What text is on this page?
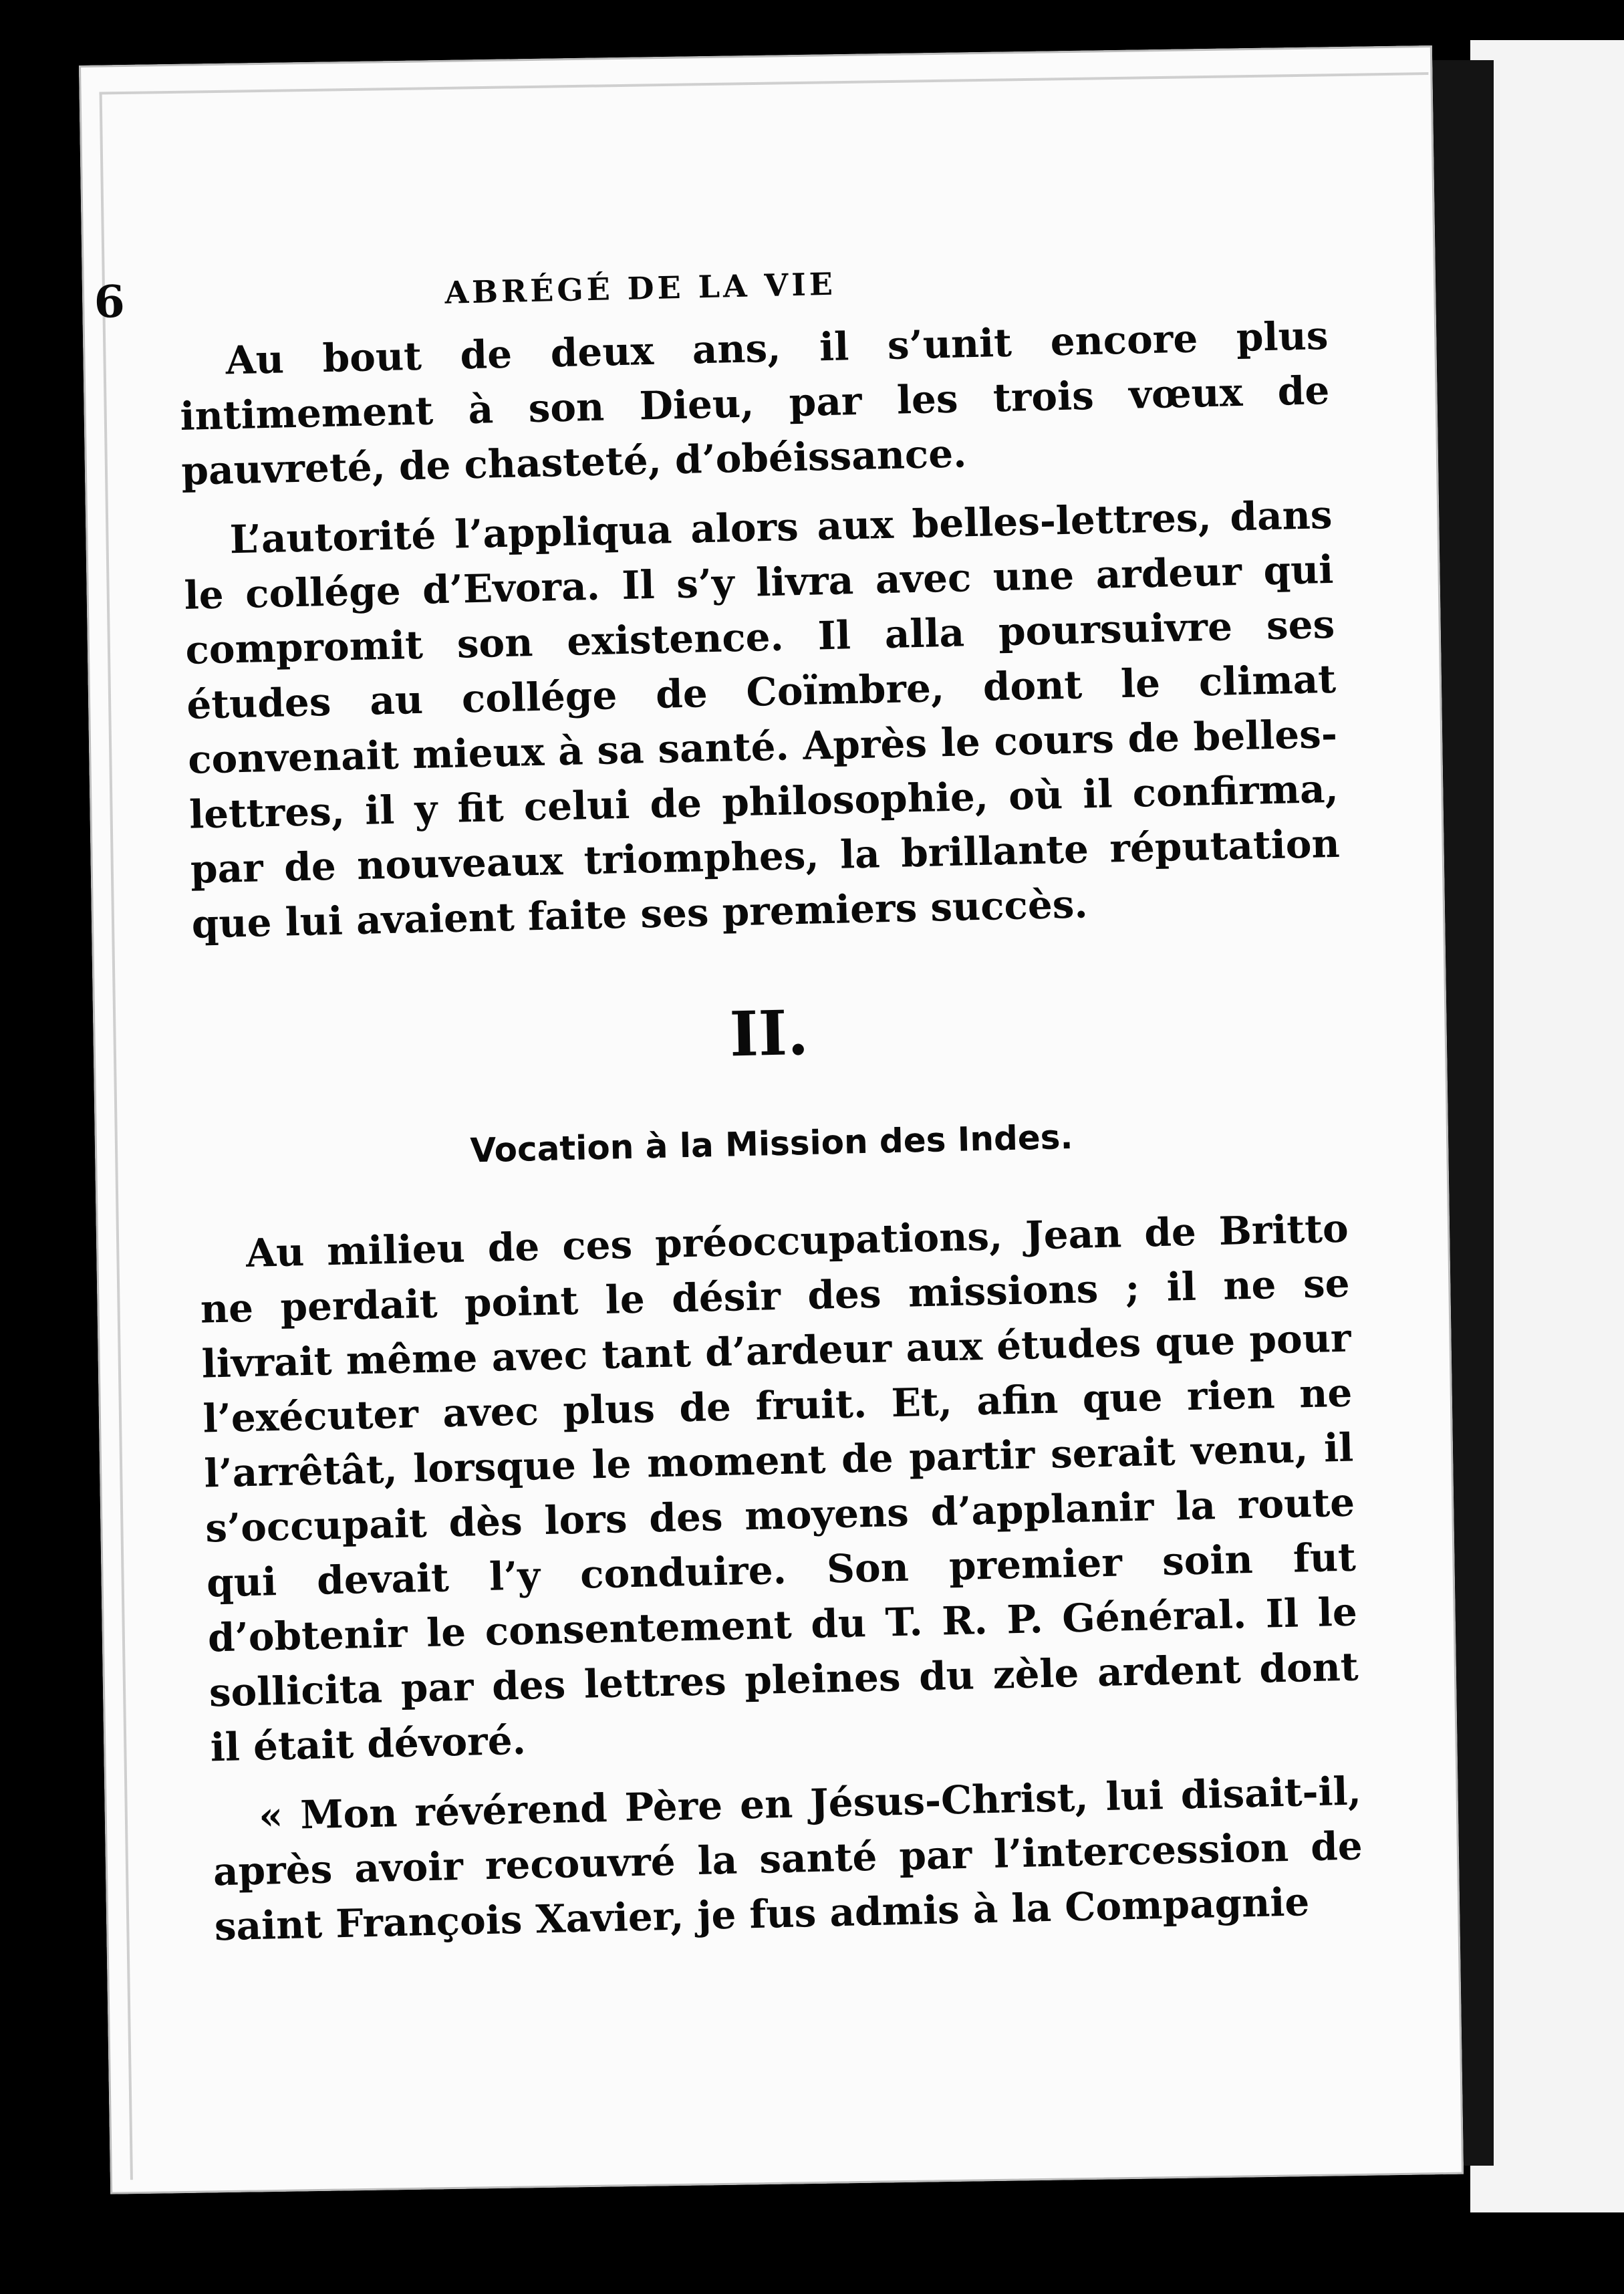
6	ABRÉGÉ DE LA VIE

Au bout de deux ans, il s’unit encore plus intimement à son Dieu, par les trois vœux de pauvreté, de chasteté, d’obéissance.

L’autorité l’appliqua alors aux belles-lettres, dans le collége d’Evora. Il s’y livra avec une ardeur qui compromit son existence. Il alla poursuivre ses études au collége de Coïmbre, dont le climat convenait mieux à sa santé. Après le cours de belles-lettres, il y fit celui de philosophie, où il confirma, par de nouveaux triomphes, la brillante réputation que lui avaient faite ses premiers succès.

II.
Vocation à la Mission des Indes.

Au milieu de ces préoccupations, Jean de Britto ne perdait point le désir des missions ; il ne se livrait même avec tant d’ardeur aux études que pour l’exécuter avec plus de fruit. Et, afin que rien ne l’arrêtât, lorsque le moment de partir serait venu, il s’occupait dès lors des moyens d’applanir la route qui devait l’y conduire. Son premier soin fut d’obtenir le consentement du T. R. P. Général. Il le sollicita par des lettres pleines du zèle ardent dont il était dévoré.

« Mon révérend Père en Jésus-Christ, lui disait-il, après avoir recouvré la santé par l’intercession de saint François Xavier, je fus admis à la Compagnie
